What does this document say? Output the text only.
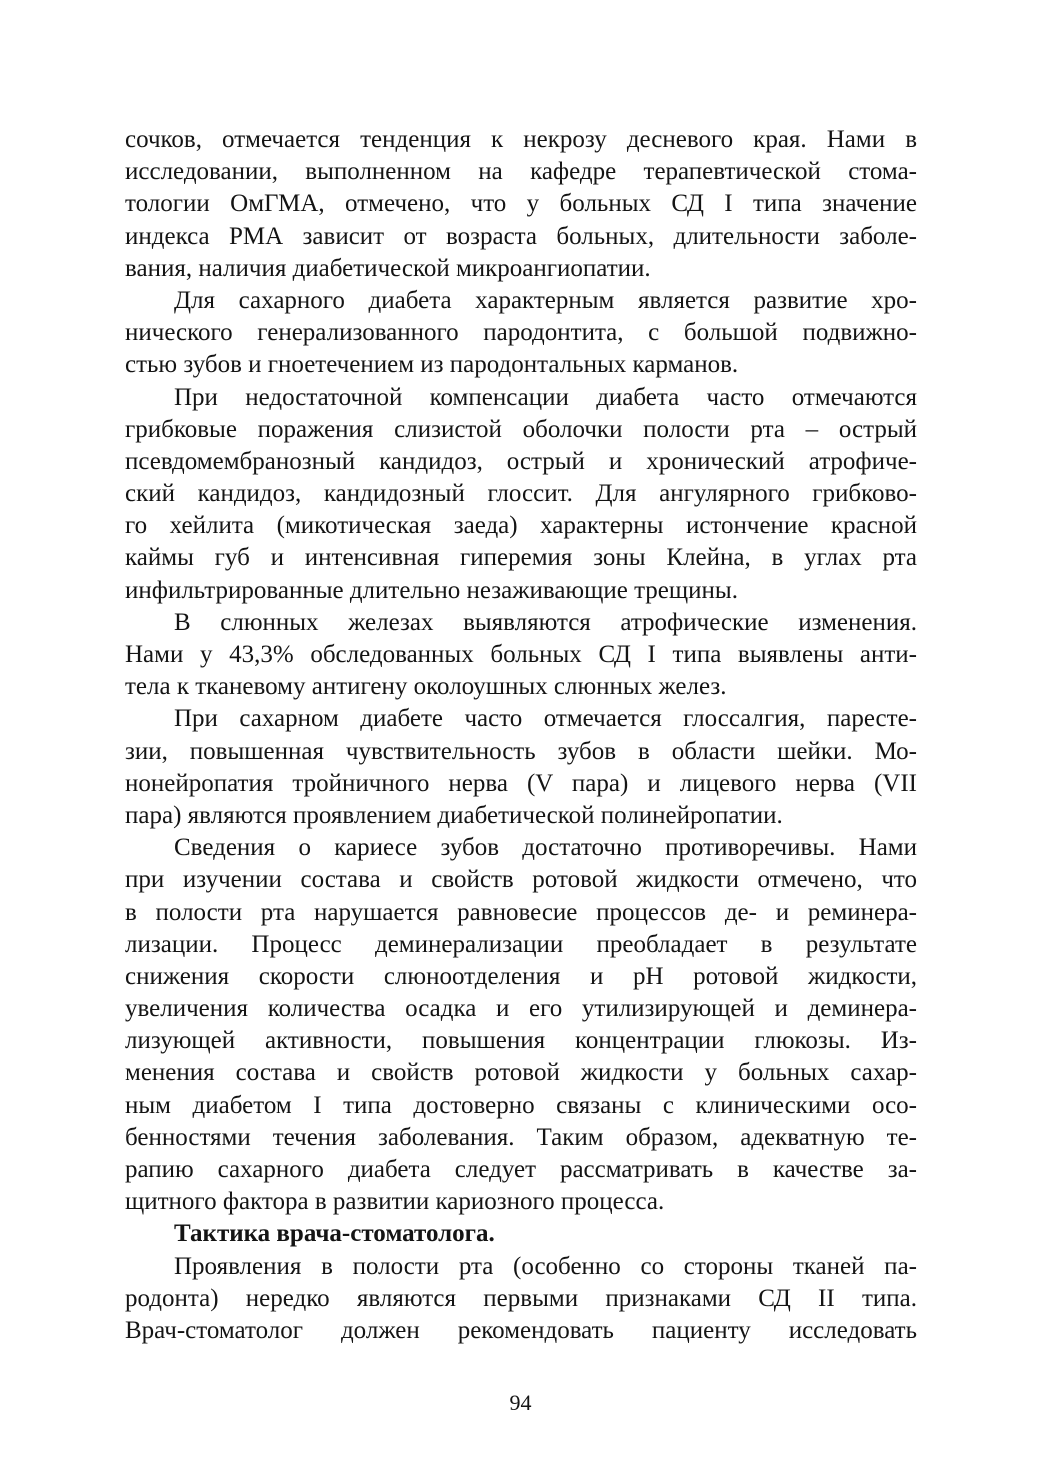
сочков, отмечается тенденция к некрозу десневого края. Нами в
исследовании, выполненном на кафедре терапевтической стома-
тологии ОмГМА, отмечено, что у больных СД I типа значение
индекса РМА зависит от возраста больных, длительности заболе-
вания, наличия диабетической микроангиопатии.
Для сахарного диабета характерным является развитие хро-
нического генерализованного пародонтита, с большой подвижно-
стью зубов и гноетечением из пародонтальных карманов.
При недостаточной компенсации диабета часто отмечаются
грибковые поражения слизистой оболочки полости рта – острый
псевдомембранозный кандидоз, острый и хронический атрофиче-
ский кандидоз, кандидозный глоссит. Для ангулярного грибково-
го хейлита (микотическая заеда) характерны истончение красной
каймы губ и интенсивная гиперемия зоны Клейна, в углах рта
инфильтрированные длительно незаживающие трещины.
В слюнных железах выявляются атрофические изменения.
Нами у 43,3% обследованных больных СД I типа выявлены анти-
тела к тканевому антигену околоушных слюнных желез.
При сахарном диабете часто отмечается глоссалгия, паресте-
зии, повышенная чувствительность зубов в области шейки. Мо-
нонейропатия тройничного нерва (V пара) и лицевого нерва (VII
пара) являются проявлением диабетической полинейропатии.
Сведения о кариесе зубов достаточно противоречивы. Нами
при изучении состава и свойств ротовой жидкости отмечено, что
в полости рта нарушается равновесие процессов де- и реминера-
лизации. Процесс деминерализации преобладает в результате
снижения скорости слюноотделения и pH ротовой жидкости,
увеличения количества осадка и его утилизирующей и деминера-
лизующей активности, повышения концентрации глюкозы. Из-
менения состава и свойств ротовой жидкости у больных сахар-
ным диабетом I типа достоверно связаны с клиническими осо-
бенностями течения заболевания. Таким образом, адекватную те-
рапию сахарного диабета следует рассматривать в качестве за-
щитного фактора в развитии кариозного процесса.
Тактика врача-стоматолога.
Проявления в полости рта (особенно со стороны тканей па-
родонта) нередко являются первыми признаками СД II типа.
Врач-стоматолог должен рекомендовать пациенту исследовать
94
